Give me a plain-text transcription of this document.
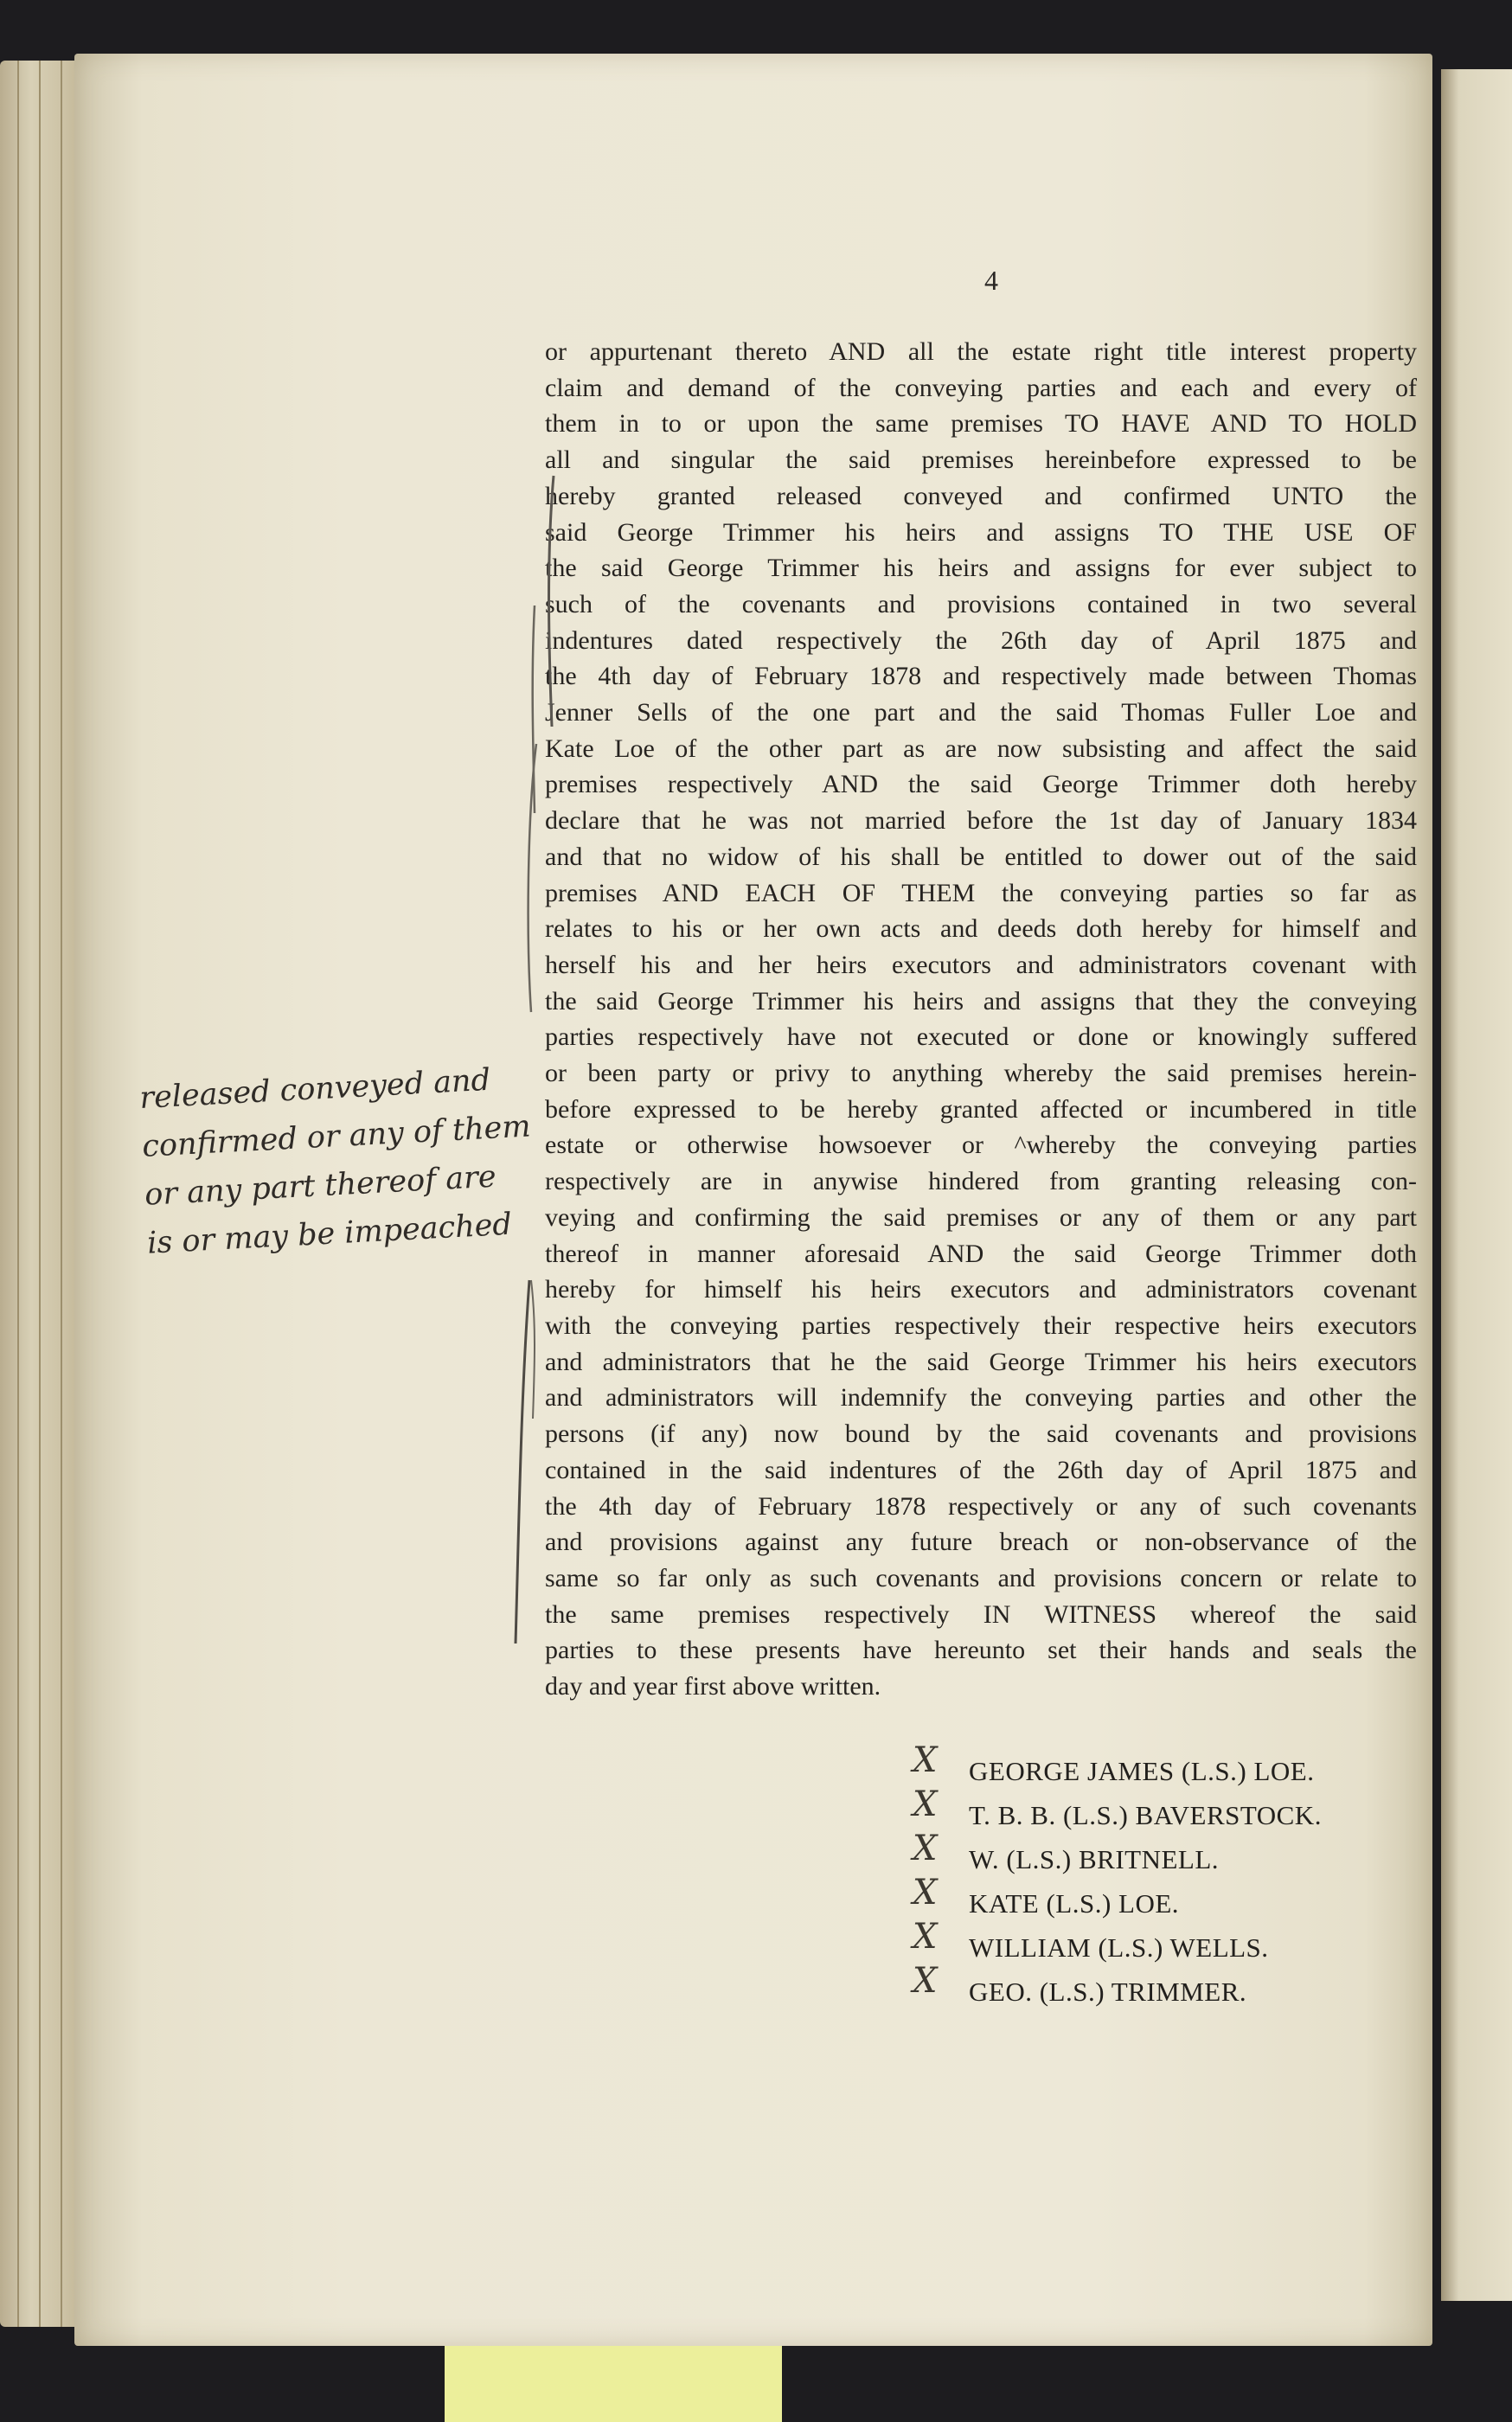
4

or appurtenant thereto AND all the estate right title interest property
claim and demand of the conveying parties and each and every of
them in to or upon the same premises TO HAVE AND TO HOLD
all and singular the said premises hereinbefore expressed to be
hereby granted released conveyed and confirmed UNTO the
said George Trimmer his heirs and assigns TO THE USE OF
the said George Trimmer his heirs and assigns for ever subject to
such of the covenants and provisions contained in two several
indentures dated respectively the 26th day of April 1875 and
the 4th day of February 1878 and respectively made between Thomas
Jenner Sells of the one part and the said Thomas Fuller Loe and
Kate Loe of the other part as are now subsisting and affect the said
premises respectively AND the said George Trimmer doth hereby
declare that he was not married before the 1st day of January 1834
and that no widow of his shall be entitled to dower out of the said
premises AND EACH OF THEM the conveying parties so far as
relates to his or her own acts and deeds doth hereby for himself and
herself his and her heirs executors and administrators covenant with
the said George Trimmer his heirs and assigns that they the conveying
parties respectively have not executed or done or knowingly suffered
or been party or privy to anything whereby the said premises herein-
before expressed to be hereby granted affected or incumbered in title
estate or otherwise howsoever or ^whereby the conveying parties
respectively are in anywise hindered from granting releasing con-
veying and confirming the said premises or any of them or any part
thereof in manner aforesaid AND the said George Trimmer doth
hereby for himself his heirs executors and administrators covenant
with the conveying parties respectively their respective heirs executors
and administrators that he the said George Trimmer his heirs executors
and administrators will indemnify the conveying parties and other the
persons (if any) now bound by the said covenants and provisions
contained in the said indentures of the 26th day of April 1875 and
the 4th day of February 1878 respectively or any of such covenants
and provisions against any future breach or non-observance of the
same so far only as such covenants and provisions concern or relate to
the same premises respectively IN WITNESS whereof the said
parties to these presents have hereunto set their hands and seals the
day and year first above written.
released conveyed and
confirmed or any of them
or any part thereof are
is or may be impeached
GEORGE JAMES (L.S.) LOE.
T. B. B. (L.S.) BAVERSTOCK.
W. (L.S.) BRITNELL.
KATE (L.S.) LOE.
WILLIAM (L.S.) WELLS.
GEO. (L.S.) TRIMMER.
X
X
X
X
X
X
